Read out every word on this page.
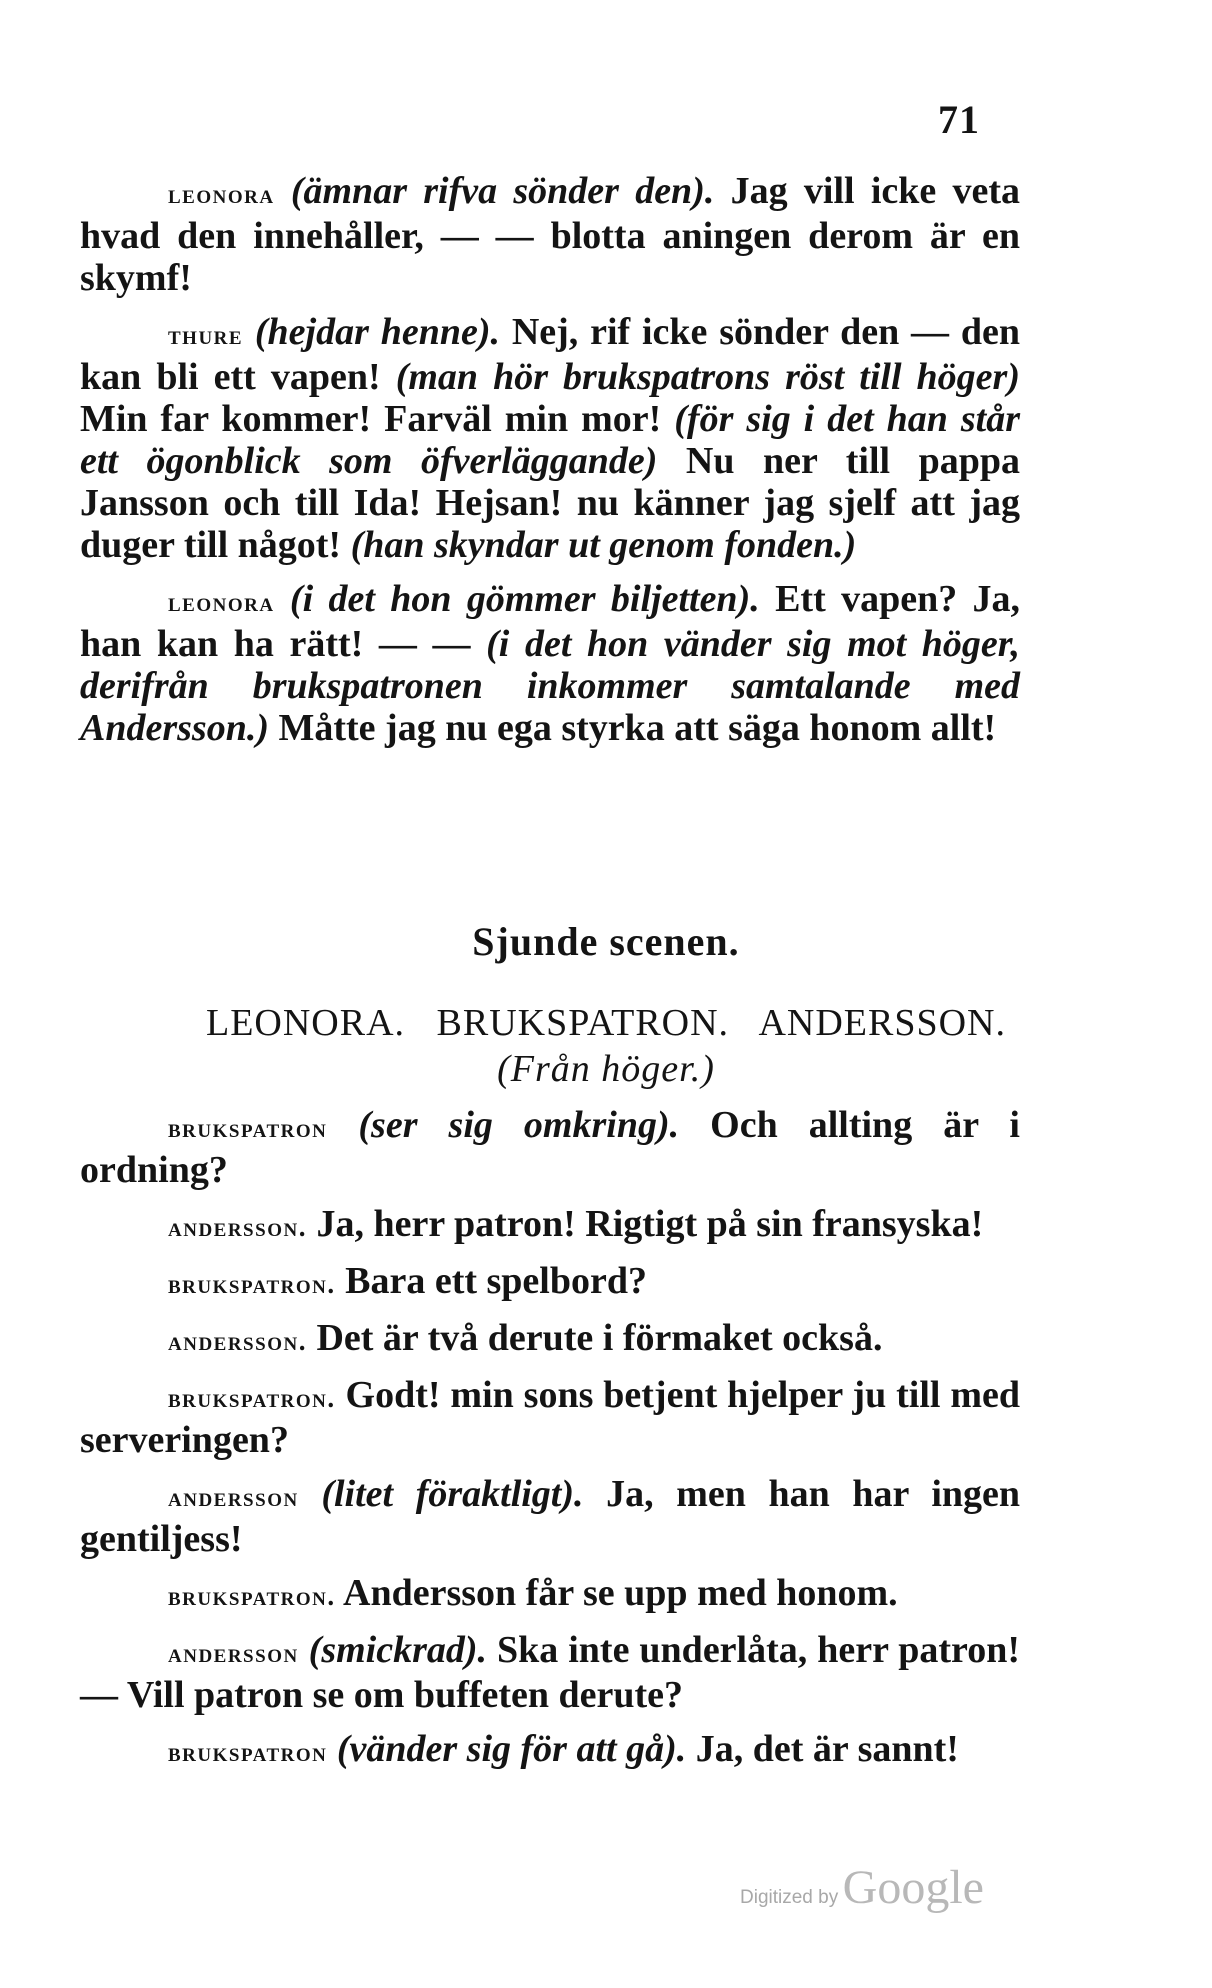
71

leonora (ämnar rifva sönder den). Jag vill icke veta hvad den innehåller, — — blotta aningen derom är en skymf!

thure (hejdar henne). Nej, rif icke sönder den — den kan bli ett vapen! (man hör brukspatrons röst till höger) Min far kommer! Farväl min mor! (för sig i det han står ett ögonblick som öfverläggande) Nu ner till pappa Jansson och till Ida! Hejsan! nu känner jag sjelf att jag duger till något! (han skyndar ut genom fonden.)

leonora (i det hon gömmer biljetten). Ett vapen? Ja, han kan ha rätt! — — (i det hon vänder sig mot höger, derifrån brukspatronen inkommer samtalande med Andersson.) Måtte jag nu ega styrka att säga honom allt!

Sjunde scenen.
LEONORA.   BRUKSPATRON.   ANDERSSON.
(Från höger.)

brukspatron (ser sig omkring). Och allting är i ordning?

andersson. Ja, herr patron! Rigtigt på sin fransyska!

brukspatron. Bara ett spelbord?

andersson. Det är två derute i förmaket också.

brukspatron. Godt! min sons betjent hjelper ju till med serveringen?

andersson (litet föraktligt). Ja, men han har ingen gentiljess!

brukspatron. Andersson får se upp med honom.

andersson (smickrad). Ska inte underlåta, herr patron! — Vill patron se om buffeten derute?

brukspatron (vänder sig för att gå). Ja, det är sannt!

Digitized by Google
